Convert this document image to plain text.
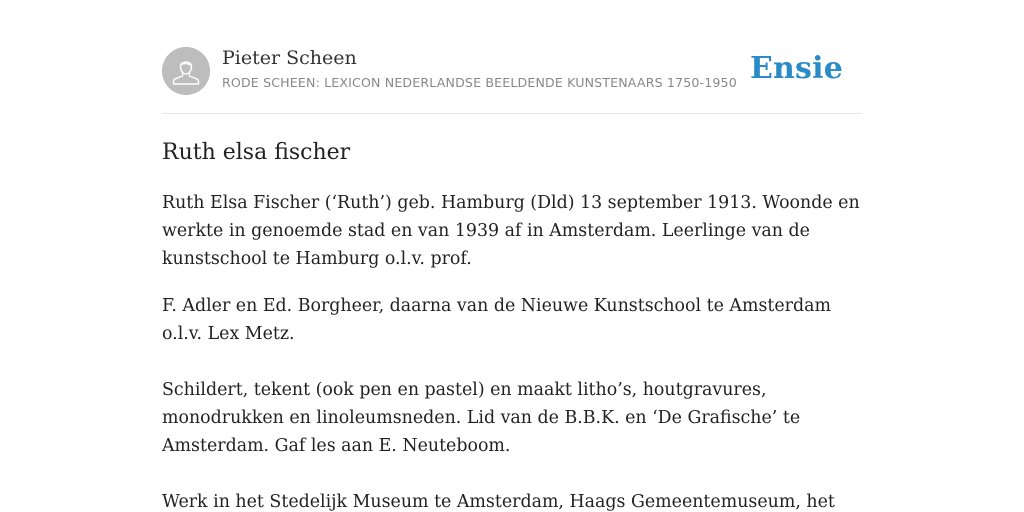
Pieter Scheen
RODE SCHEEN: LEXICON NEDERLANDSE BEELDENDE KUNSTENAARS 1750-1950 Ensie
Ruth elsa fischer

Ruth Elsa Fischer (‘Ruth’) geb. Hamburg (Dld) 13 september 1913. Woonde en werkte in genoemde stad en van 1939 af in Amsterdam. Leerlinge van de kunstschool te Hamburg o.l.v. prof.

F. Adler en Ed. Borgheer, daarna van de Nieuwe Kunstschool te Amsterdam o.l.v. Lex Metz.

Schildert, tekent (ook pen en pastel) en maakt litho’s, houtgravures, monodrukken en linoleumsneden. Lid van de B.B.K. en ‘De Grafische’ te Amsterdam. Gaf les aan E. Neuteboom.

Werk in het Stedelijk Museum te Amsterdam, Haags Gemeentemuseum, het
